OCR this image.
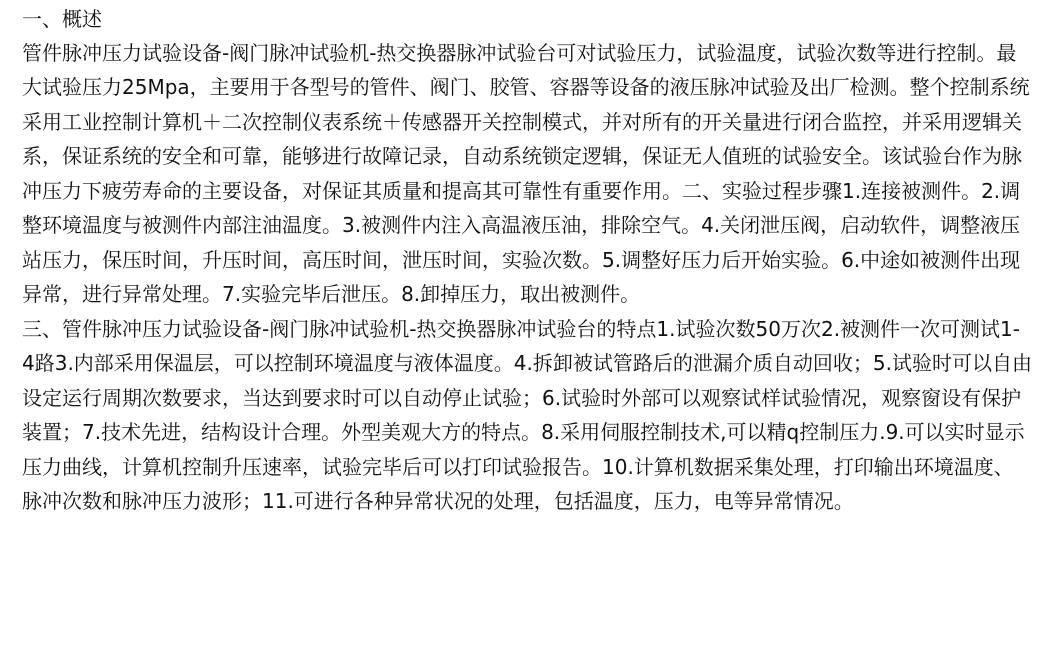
一、概述

管件脉冲压力试验设备-阀门脉冲试验机-热交换器脉冲试验台可对试验压力，试验温度，试验次数等进行控制。最大试验压力25Mpa，主要用于各型号的管件、阀门、胶管、容器等设备的液压脉冲试验及出厂检测。整个控制系统采用工业控制计算机＋二次控制仪表系统＋传感器开关控制模式，并对所有的开关量进行闭合监控，并采用逻辑关系，保证系统的安全和可靠，能够进行故障记录，自动系统锁定逻辑，保证无人值班的试验安全。该试验台作为脉冲压力下疲劳寿命的主要设备，对保证其质量和提高其可靠性有重要作用。二、实验过程步骤1.连接被测件。2.调整环境温度与被测件内部注油温度。3.被测件内注入高温液压油，排除空气。4.关闭泄压阀，启动软件，调整液压站压力，保压时间，升压时间，高压时间，泄压时间，实验次数。5.调整好压力后开始实验。6.中途如被测件出现异常，进行异常处理。7.实验完毕后泄压。8.卸掉压力，取出被测件。

三、管件脉冲压力试验设备-阀门脉冲试验机-热交换器脉冲试验台的特点1.试验次数50万次2.被测件一次可测试1-4路3.内部采用保温层，可以控制环境温度与液体温度。4.拆卸被试管路后的泄漏介质自动回收；5.试验时可以自由设定运行周期次数要求，当达到要求时可以自动停止试验；6.试验时外部可以观察试样试验情况，观察窗设有保护装置；7.技术先进，结构设计合理。外型美观大方的特点。8.采用伺服控制技术,可以精q控制压力.9.可以实时显示压力曲线，计算机控制升压速率，试验完毕后可以打印试验报告。10.计算机数据采集处理，打印输出环境温度、脉冲次数和脉冲压力波形；11.可进行各种异常状况的处理，包括温度，压力，电等异常情况。
